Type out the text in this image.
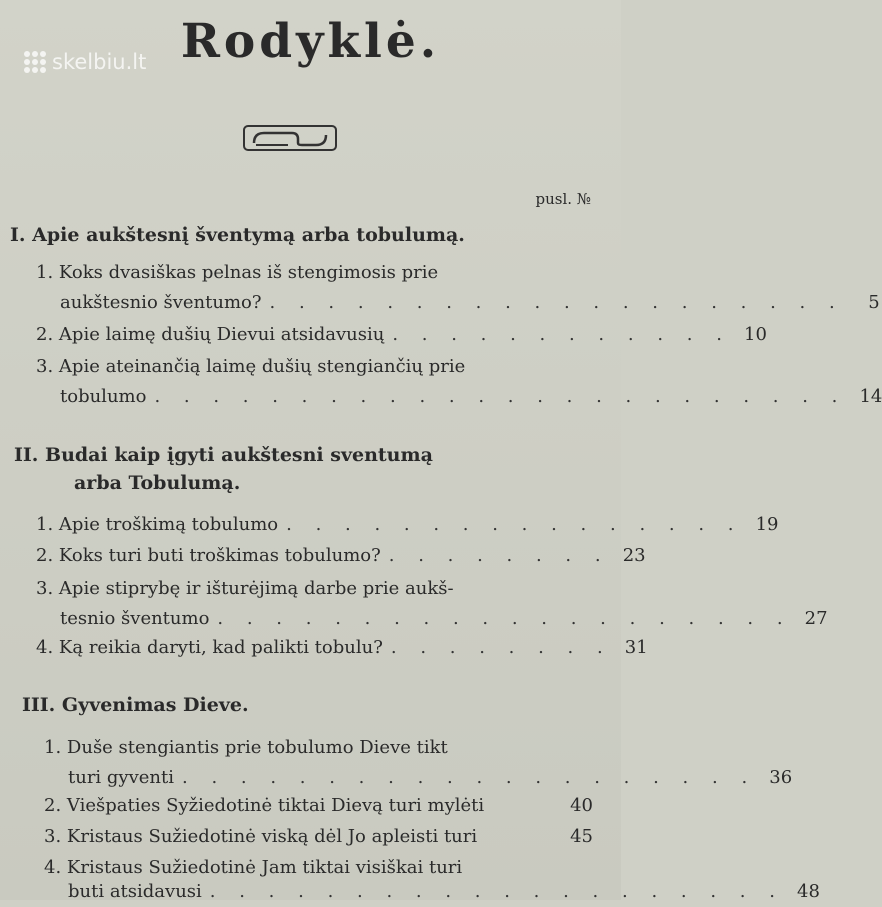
skelbiu.lt Rodyklė.
pusl. №
I. Apie aukštesnį šventymą arba tobulumą.
1. Koks dvasiškas pelnas iš stengimosis prie
aukštesnio šventumo? . . . . . . . . . . . . . . . . . . . .	5
2. Apie laimę dušių Dievui atsidavusių . . . . . . . . . . . . 10
3. Apie ateinančią laimę dušių stengiančių prie
tobulumo . . . . . . . . . . . . . . . . . . . . . . . . 14
II. Budai kaip įgyti aukštesni sventumą
arba Tobulumą.
1. Apie troškimą tobulumo . . . . . . . . . . . . . . . . 19
2. Koks turi buti troškimas tobulumo? . . . . . . . . 23
3. Apie stiprybę ir išturėjimą darbe prie aukš-
tesnio šventumo . . . . . . . . . . . . . . . . . . . . 27
4. Ką reikia daryti, kad palikti tobulu? . . . . . . . . 31
III. Gyvenimas Dieve.
1. Duše stengiantis prie tobulumo Dieve tikt
turi gyventi . . . . . . . . . . . . . . . . . . . . 36
2. Viešpaties Syžiedotinė tiktai Dievą turi mylėti	40
3. Kristaus Sužiedotinė viską dėl Jo apleisti turi	45
4. Kristaus Sužiedotinė Jam tiktai visiškai turi
buti atsidavusi . . . . . . . . . . . . . . . . . . . . 48
